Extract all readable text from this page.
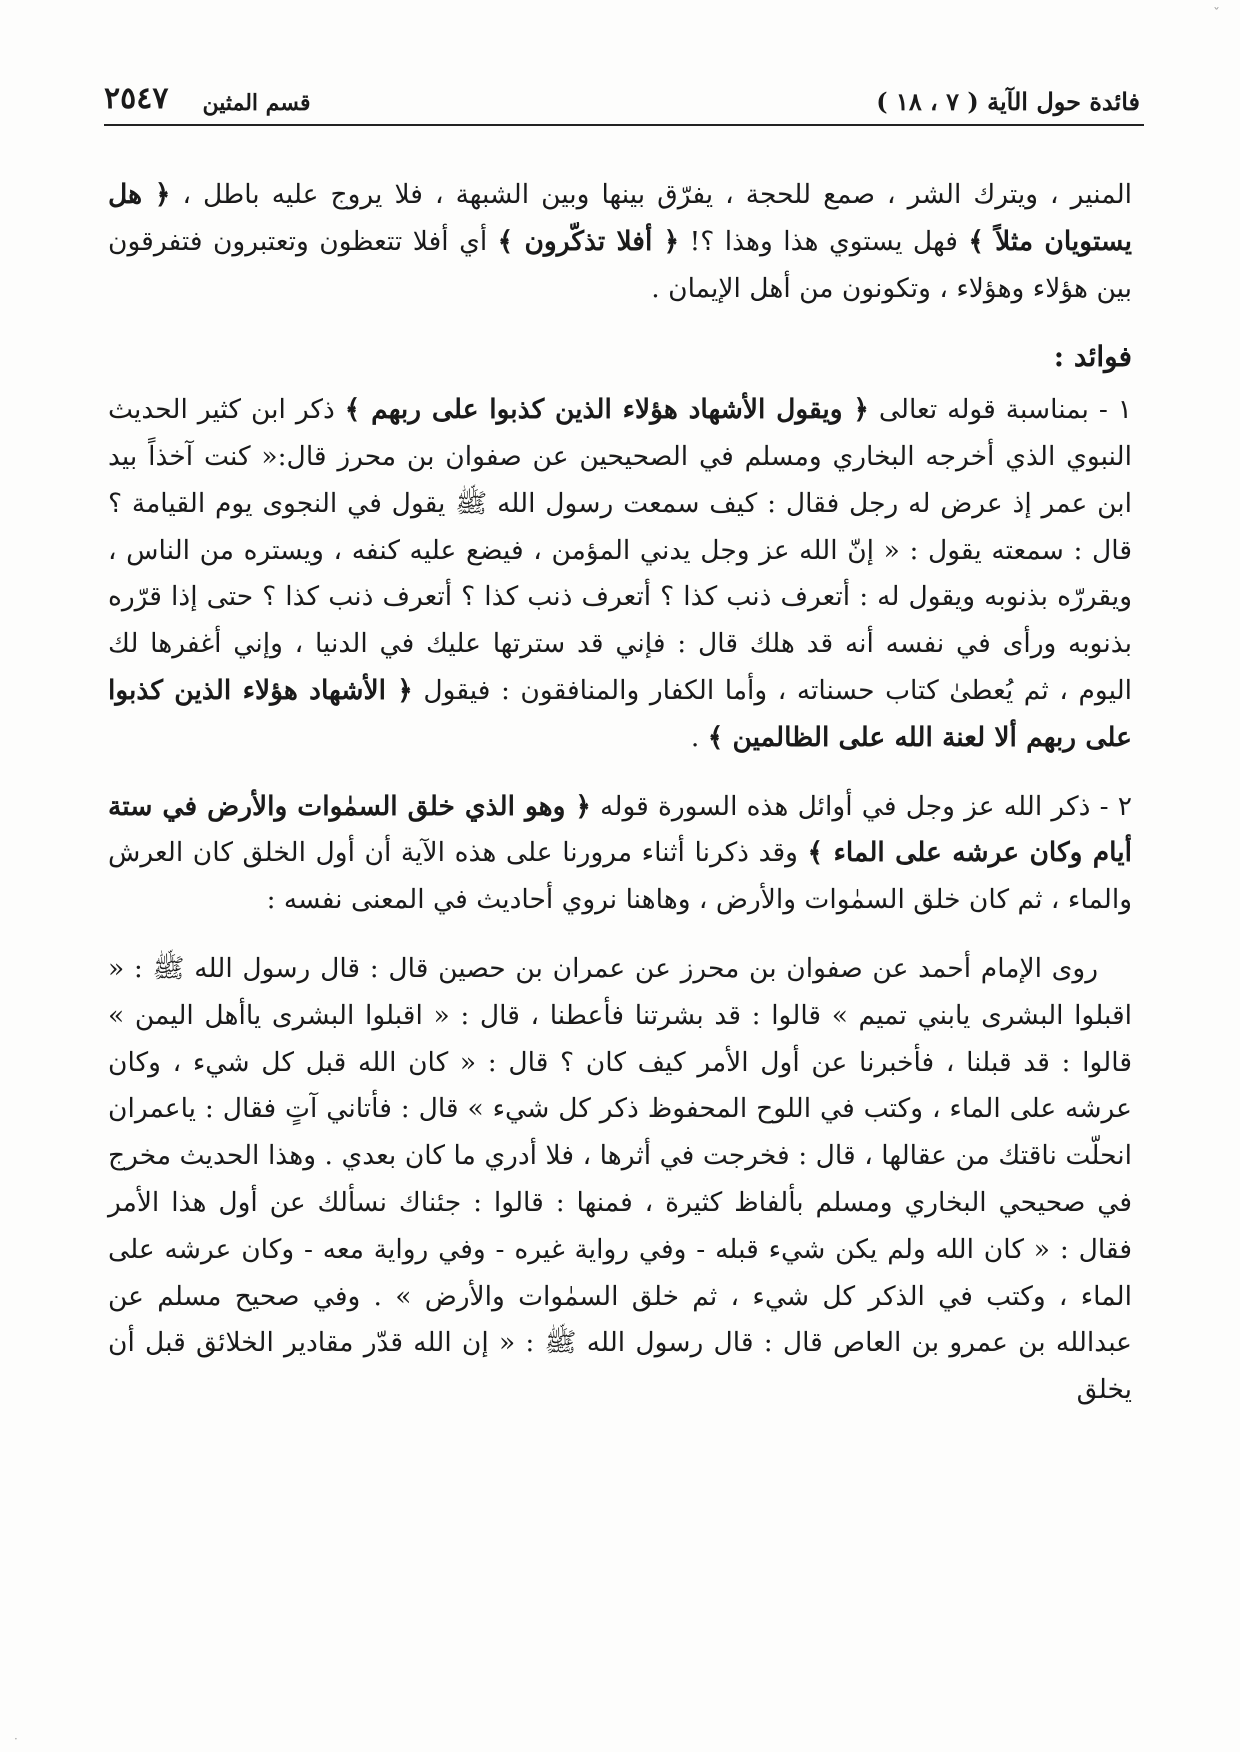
ˇ
فائدة حول الآية ( ٧ ، ١٨ )
قسم المثين
٢٥٤٧

المنير ، ويترك الشر ، صمع للحجة ، يفرّق بينها وبين الشبهة ، فلا يروج عليه باطل ، ﴿ هل يستويان مثلاً ﴾ فهل يستوي هذا وهذا ؟! ﴿ أفلا تذكّرون ﴾ أي أفلا تتعظون وتعتبرون فتفرقون بين هؤلاء وهؤلاء ، وتكونون من أهل الإيمان .

فوائد :

١ - بمناسبة قوله تعالى ﴿ ويقول الأشهاد هؤلاء الذين كذبوا على ربهم ﴾ ذكر ابن كثير الحديث النبوي الذي أخرجه البخاري ومسلم في الصحيحين عن صفوان بن محرز قال:« كنت آخذاً بيد ابن عمر إذ عرض له رجل فقال : كيف سمعت رسول الله ﷺ يقول في النجوى يوم القيامة ؟ قال : سمعته يقول : « إنّ الله عز وجل يدني المؤمن ، فيضع عليه كنفه ، ويستره من الناس ، ويقررّه بذنوبه ويقول له : أتعرف ذنب كذا ؟ أتعرف ذنب كذا ؟ أتعرف ذنب كذا ؟ حتى إذا قرّره بذنوبه ورأى في نفسه أنه قد هلك قال : فإني قد سترتها عليك في الدنيا ، وإني أغفرها لك اليوم ، ثم يُعطىٰ كتاب حسناته ، وأما الكفار والمنافقون : فيقول ﴿ الأشهاد هؤلاء الذين كذبوا على ربهم ألا لعنة الله على الظالمين ﴾ .

٢ - ذكر الله عز وجل في أوائل هذه السورة قوله ﴿ وهو الذي خلق السمٰوات والأرض في ستة أيام وكان عرشه على الماء ﴾ وقد ذكرنا أثناء مرورنا على هذه الآية أن أول الخلق كان العرش والماء ، ثم كان خلق السمٰوات والأرض ، وهاهنا نروي أحاديث في المعنى نفسه :

روى الإمام أحمد عن صفوان بن محرز عن عمران بن حصين قال : قال رسول الله ﷺ : « اقبلوا البشرى يابني تميم » قالوا : قد بشرتنا فأعطنا ، قال : « اقبلوا البشرى ياأهل اليمن » قالوا : قد قبلنا ، فأخبرنا عن أول الأمر كيف كان ؟ قال : « كان الله قبل كل شيء ، وكان عرشه على الماء ، وكتب في اللوح المحفوظ ذكر كل شيء » قال : فأتاني آتٍ فقال : ياعمران انحلّت ناقتك من عقالها ، قال : فخرجت في أثرها ، فلا أدري ما كان بعدي . وهذا الحديث مخرج في صحيحي البخاري ومسلم بألفاظ كثيرة ، فمنها : قالوا : جئناك نسألك عن أول هذا الأمر فقال : « كان الله ولم يكن شيء قبله - وفي رواية غيره - وفي رواية معه - وكان عرشه على الماء ، وكتب في الذكر كل شيء ، ثم خلق السمٰوات والأرض » . وفي صحيح مسلم عن عبدالله بن عمرو بن العاص قال : قال رسول الله ﷺ : « إن الله قدّر مقادير الخلائق قبل أن يخلق

·
